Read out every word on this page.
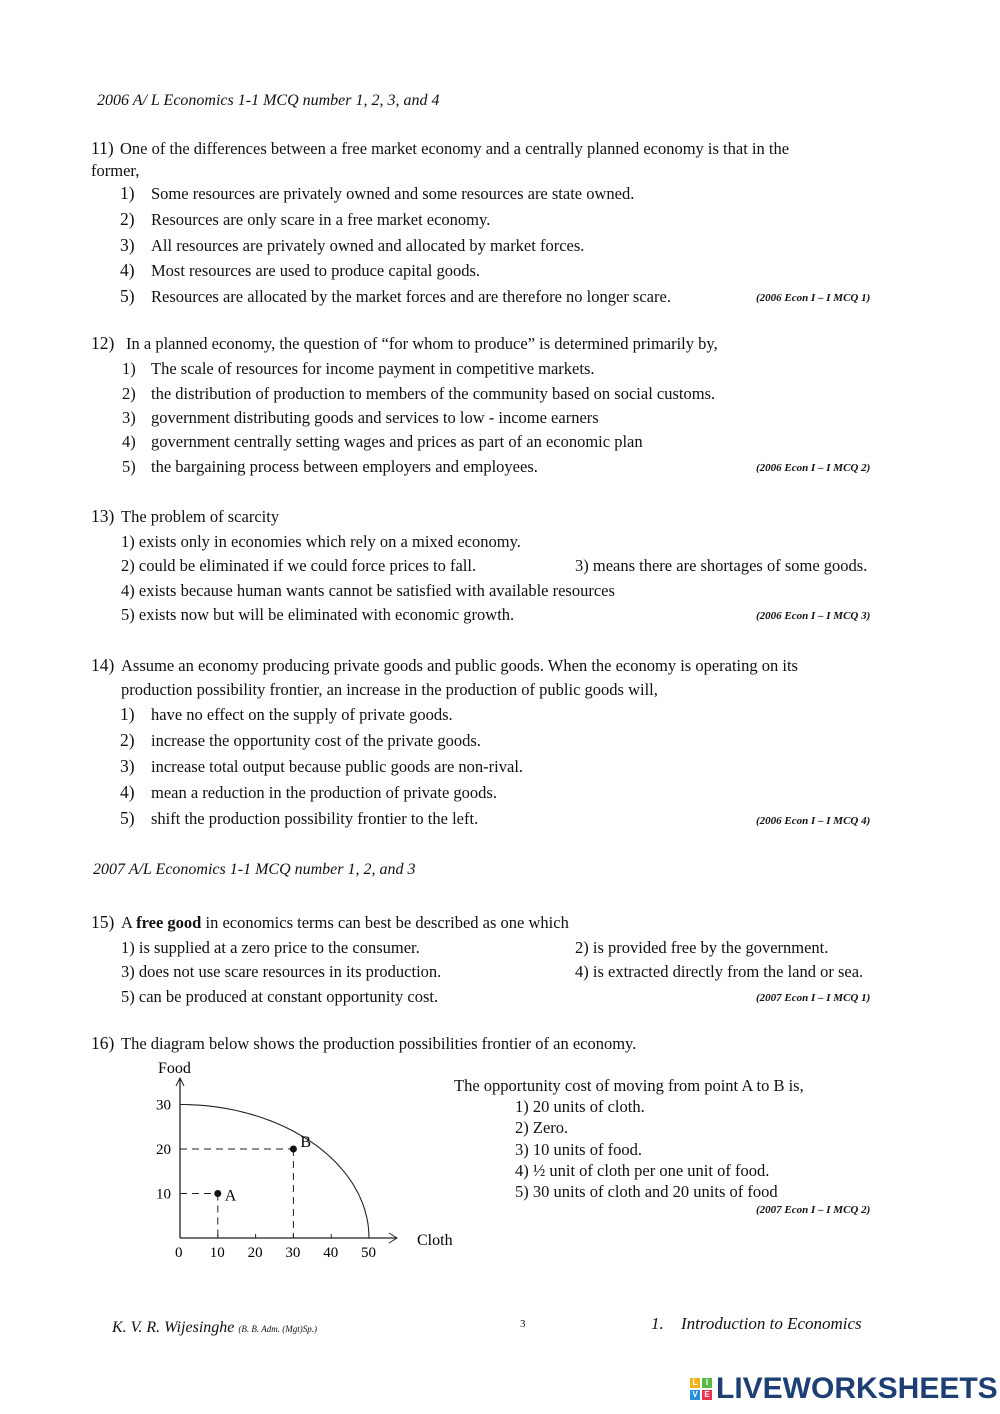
2006 A/ L Economics 1-1 MCQ number 1, 2, 3, and 4
11) One of the differences between a free market economy and a centrally planned economy is that in the
former,
1) Some resources are privately owned and some resources are state owned.
2) Resources are only scare in a free market economy.
3) All resources are privately owned and allocated by market forces.
4) Most resources are used to produce capital goods.
5) Resources are allocated by the market forces and are therefore no longer scare.	(2006 Econ I – I MCQ 1)
12) In a planned economy, the question of “for whom to produce” is determined primarily by,
1) The scale of resources for income payment in competitive markets.
2) the distribution of production to members of the community based on social customs.
3) government distributing goods and services to low - income earners
4) government centrally setting wages and prices as part of an economic plan
5) the bargaining process between employers and employees.	(2006 Econ I – I MCQ 2)
13) The problem of scarcity
1) exists only in economies which rely on a mixed economy.
2) could be eliminated if we could force prices to fall.	3) means there are shortages of some goods.
4) exists because human wants cannot be satisfied with available resources
5) exists now but will be eliminated with economic growth.	(2006 Econ I – I MCQ 3)
14) Assume an economy producing private goods and public goods. When the economy is operating on its
production possibility frontier, an increase in the production of public goods will,
1) have no effect on the supply of private goods.
2) increase the opportunity cost of the private goods.
3) increase total output because public goods are non-rival.
4) mean a reduction in the production of private goods.
5) shift the production possibility frontier to the left.	(2006 Econ I – I MCQ 4)
2007 A/L Economics 1-1 MCQ number 1, 2, and 3
15) A free good in economics terms can best be described as one which
1) is supplied at a zero price to the consumer.	2) is provided free by the government.
3) does not use scare resources in its production.	4) is extracted directly from the land or sea.
5) can be produced at constant opportunity cost.	(2007 Econ I – I MCQ 1)
16) The diagram below shows the production possibilities frontier of an economy.
Food
Cloth
0 10 20 30 40 50
10
20
30
A
B
The opportunity cost of moving from point A to B is,
1) 20 units of cloth.
2) Zero.
3) 10 units of food.
4) ½ unit of cloth per one unit of food.
5) 30 units of cloth and 20 units of food
(2007 Econ I – I MCQ 2)
K. V. R. Wijesinghe (B. B. Adm. (Mgt)Sp.)	3	1. Introduction to Economics
L	I
V E LIVEWORKSHEETS
